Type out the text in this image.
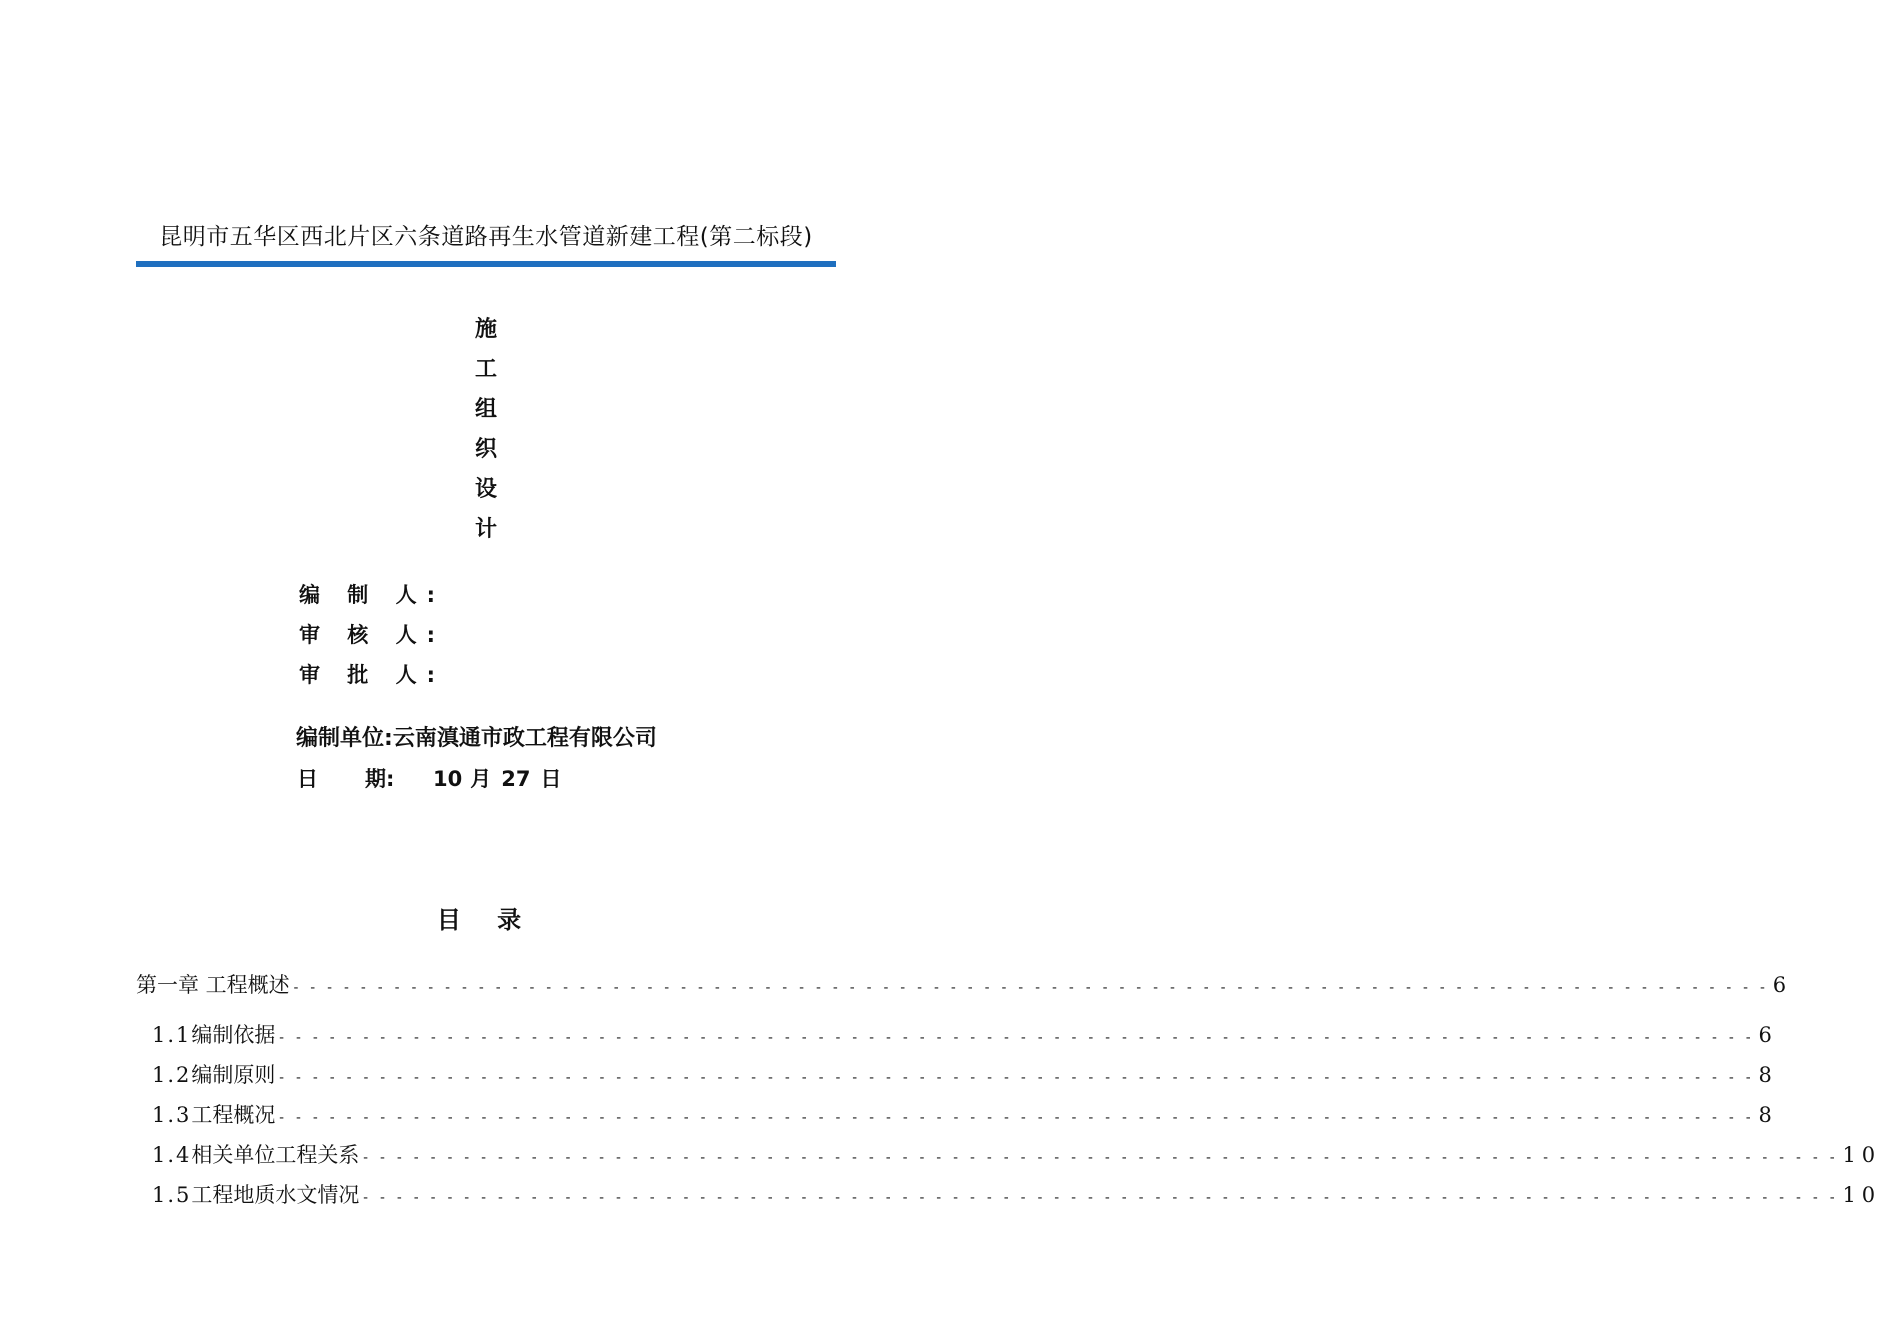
昆明市五华区西北片区六条道路再生水管道新建工程(第二标段)
施
工
组
织
设
计
编 制 人:
审 核 人:
审 批 人:
编制单位:云南滇通市政工程有限公司
日 期: 10 月 27 日
目 录
第一章 工程概述 - - - - - - - - - - - - - - - - - - - - - - - - - - - - - - - - - - - - - - - - - - - - - - - - - - - - - - - - - - - - - - - - - - - - - - - - - - - - - - - - - - - - - - - - 6
1.1 编制依据 - - - - - - - - - - - - - - - - - - - - - - - - - - - - - - - - - - - - - - - - - - - - - - - - - - - - - - - - - - - - - - - - - - - - - - - - - - - - - - - - - - - - - - - - 6
1.2 编制原则 - - - - - - - - - - - - - - - - - - - - - - - - - - - - - - - - - - - - - - - - - - - - - - - - - - - - - - - - - - - - - - - - - - - - - - - - - - - - - - - - - - - - - - - - 8
1.3 工程概况 - - - - - - - - - - - - - - - - - - - - - - - - - - - - - - - - - - - - - - - - - - - - - - - - - - - - - - - - - - - - - - - - - - - - - - - - - - - - - - - - - - - - - - - - 8
1.4 相关单位工程关系 - - - - - - - - - - - - - - - - - - - - - - - - - - - - - - - - - - - - - - - - - - - - - - - - - - - - - - - - - - - - - - - - - - - - - - - - - - - - - - - - - - - - - - - - 10
1.5 工程地质水文情况 - - - - - - - - - - - - - - - - - - - - - - - - - - - - - - - - - - - - - - - - - - - - - - - - - - - - - - - - - - - - - - - - - - - - - - - - - - - - - - - - - - - - - - - - 10
